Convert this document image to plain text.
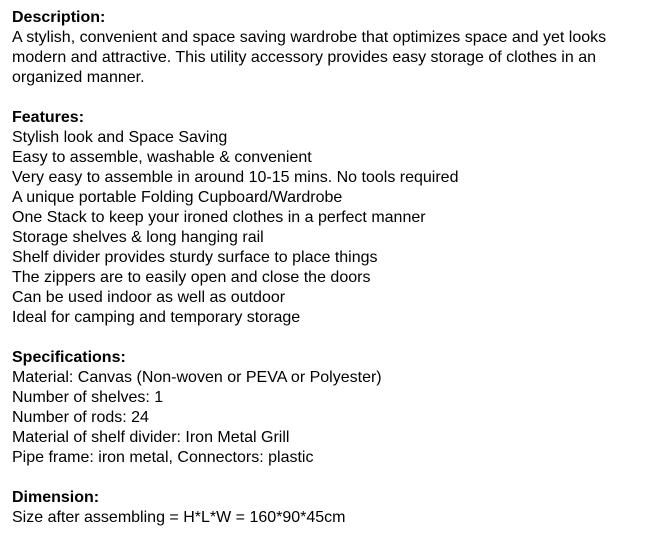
Description:

A stylish, convenient and space saving wardrobe that optimizes space and yet looks modern and attractive. This utility accessory provides easy storage of clothes in an organized manner.

Features:

Stylish look and Space Saving

Easy to assemble, washable & convenient

Very easy to assemble in around 10-15 mins. No tools required

A unique portable Folding Cupboard/Wardrobe

One Stack to keep your ironed clothes in a perfect manner

Storage shelves & long hanging rail

Shelf divider provides sturdy surface to place things

The zippers are to easily open and close the doors

Can be used indoor as well as outdoor

Ideal for camping and temporary storage

Specifications:

Material: Canvas (Non-woven or PEVA or Polyester)

Number of shelves: 1

Number of rods: 24

Material of shelf divider: Iron Metal Grill

Pipe frame: iron metal, Connectors: plastic

Dimension:

Size after assembling = H*L*W = 160*90*45cm
